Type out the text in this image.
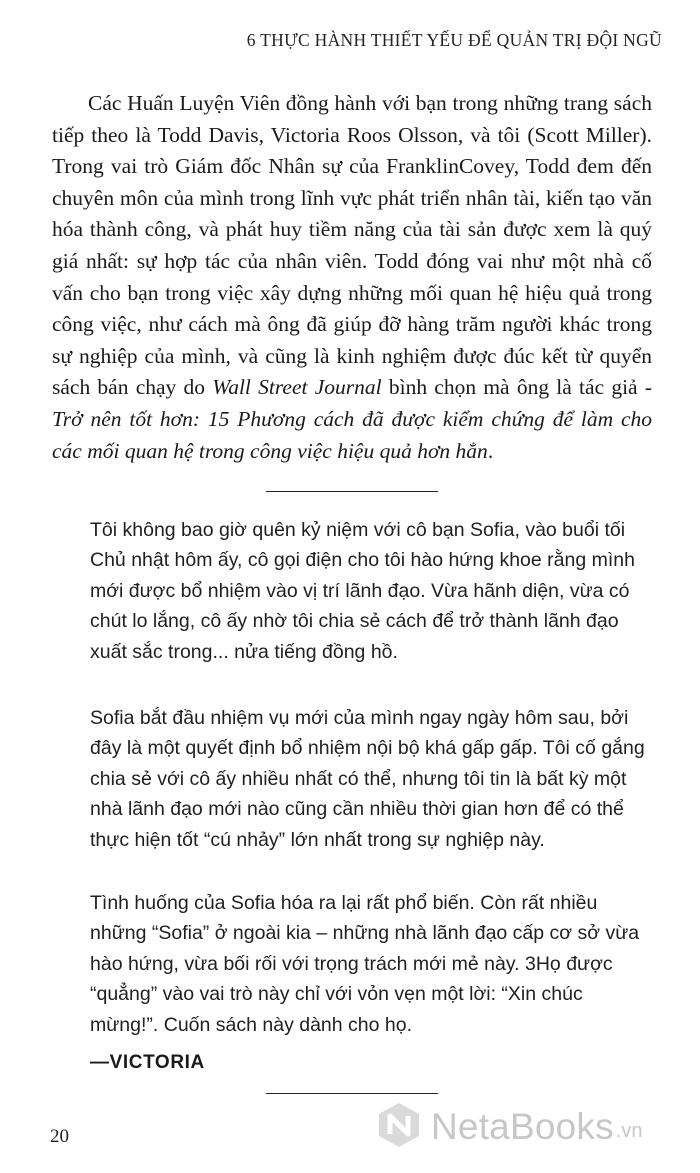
6 THỰC HÀNH THIẾT YẾU ĐỂ QUẢN TRỊ ĐỘI NGŨ

Các Huấn Luyện Viên đồng hành với bạn trong những trang sách tiếp theo là Todd Davis, Victoria Roos Olsson, và tôi (Scott Miller). Trong vai trò Giám đốc Nhân sự của FranklinCovey, Todd đem đến chuyên môn của mình trong lĩnh vực phát triển nhân tài, kiến tạo văn hóa thành công, và phát huy tiềm năng của tài sản được xem là quý giá nhất: sự hợp tác của nhân viên. Todd đóng vai như một nhà cố vấn cho bạn trong việc xây dựng những mối quan hệ hiệu quả trong công việc, như cách mà ông đã giúp đỡ hàng trăm người khác trong sự nghiệp của mình, và cũng là kinh nghiệm được đúc kết từ quyển sách bán chạy do Wall Street Journal bình chọn mà ông là tác giả - Trở nên tốt hơn: 15 Phương cách đã được kiểm chứng để làm cho các mối quan hệ trong công việc hiệu quả hơn hẳn.

Tôi không bao giờ quên kỷ niệm với cô bạn Sofia, vào buổi tối Chủ nhật hôm ấy, cô gọi điện cho tôi hào hứng khoe rằng mình mới được bổ nhiệm vào vị trí lãnh đạo. Vừa hãnh diện, vừa có chút lo lắng, cô ấy nhờ tôi chia sẻ cách để trở thành lãnh đạo xuất sắc trong... nửa tiếng đồng hồ.

Sofia bắt đầu nhiệm vụ mới của mình ngay ngày hôm sau, bởi đây là một quyết định bổ nhiệm nội bộ khá gấp gấp. Tôi cố gắng chia sẻ với cô ấy nhiều nhất có thể, nhưng tôi tin là bất kỳ một nhà lãnh đạo mới nào cũng cần nhiều thời gian hơn để có thể thực hiện tốt “cú nhảy” lớn nhất trong sự nghiệp này.

Tình huống của Sofia hóa ra lại rất phổ biến. Còn rất nhiều những “Sofia” ở ngoài kia – những nhà lãnh đạo cấp cơ sở vừa hào hứng, vừa bối rối với trọng trách mới mẻ này. 3Họ được “quẳng” vào vai trò này chỉ với vỏn vẹn một lời: “Xin chúc mừng!”. Cuốn sách này dành cho họ.

—VICTORIA
20	NetaBooks .vn
